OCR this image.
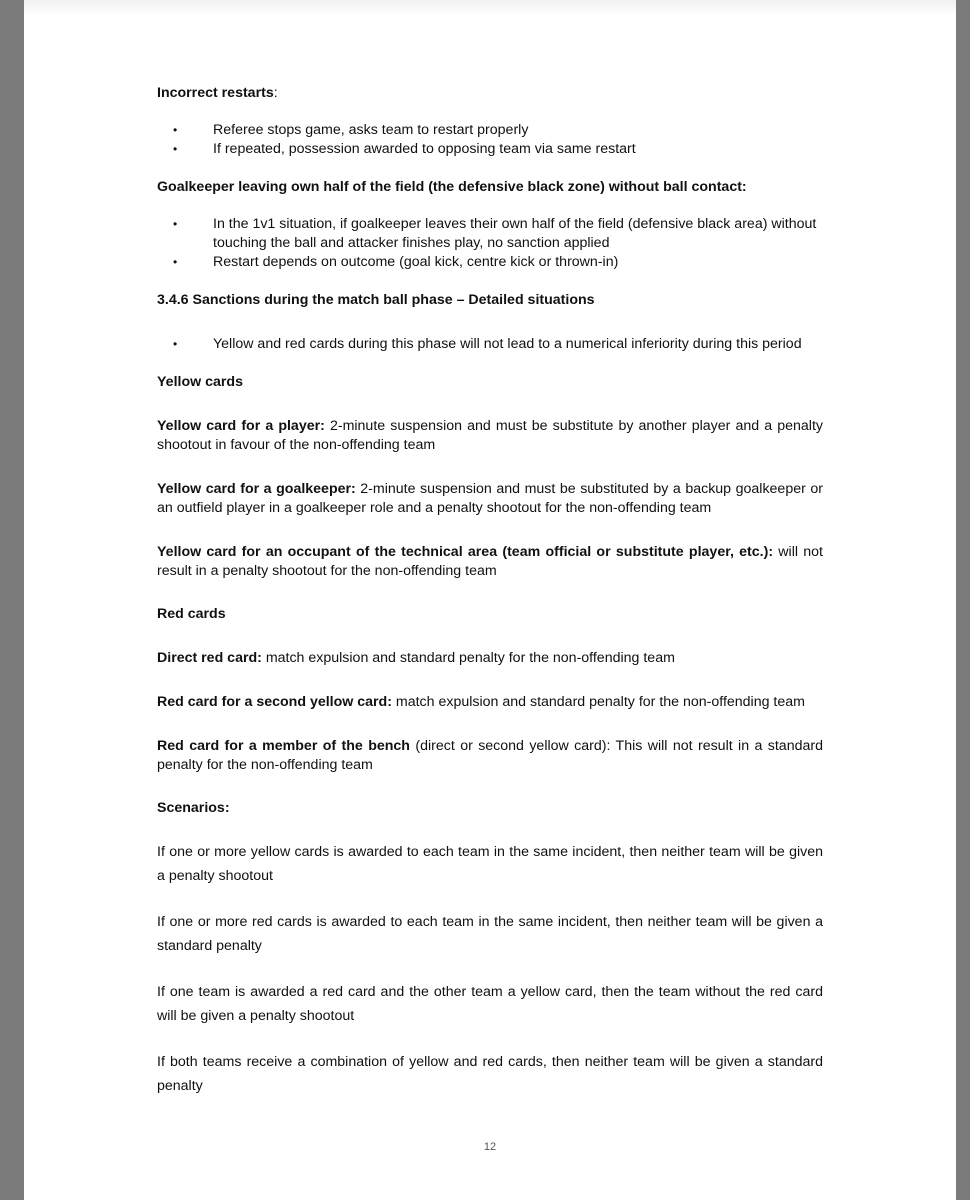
Incorrect restarts:

•	Referee stops game, asks team to restart properly
•	If repeated, possession awarded to opposing team via same restart

Goalkeeper leaving own half of the field (the defensive black zone) without ball contact:

•	In the 1v1 situation, if goalkeeper leaves their own half of the field (defensive black area) without touching the ball and attacker finishes play, no sanction applied
•	Restart depends on outcome (goal kick, centre kick or thrown-in)

3.4.6 Sanctions during the match ball phase – Detailed situations

•	Yellow and red cards during this phase will not lead to a numerical inferiority during this period

Yellow cards

Yellow card for a player: 2-minute suspension and must be substitute by another player and a penalty shootout in favour of the non-offending team

Yellow card for a goalkeeper: 2-minute suspension and must be substituted by a backup goalkeeper or an outfield player in a goalkeeper role and a penalty shootout for the non-offending team

Yellow card for an occupant of the technical area (team official or substitute player, etc.): will not result in a penalty shootout for the non-offending team

Red cards

Direct red card: match expulsion and standard penalty for the non-offending team

Red card for a second yellow card: match expulsion and standard penalty for the non-offending team

Red card for a member of the bench (direct or second yellow card): This will not result in a standard penalty for the non-offending team

Scenarios:

If one or more yellow cards is awarded to each team in the same incident, then neither team will be given a penalty shootout

If one or more red cards is awarded to each team in the same incident, then neither team will be given a standard penalty

If one team is awarded a red card and the other team a yellow card, then the team without the red card will be given a penalty shootout

If both teams receive a combination of yellow and red cards, then neither team will be given a standard penalty

12
